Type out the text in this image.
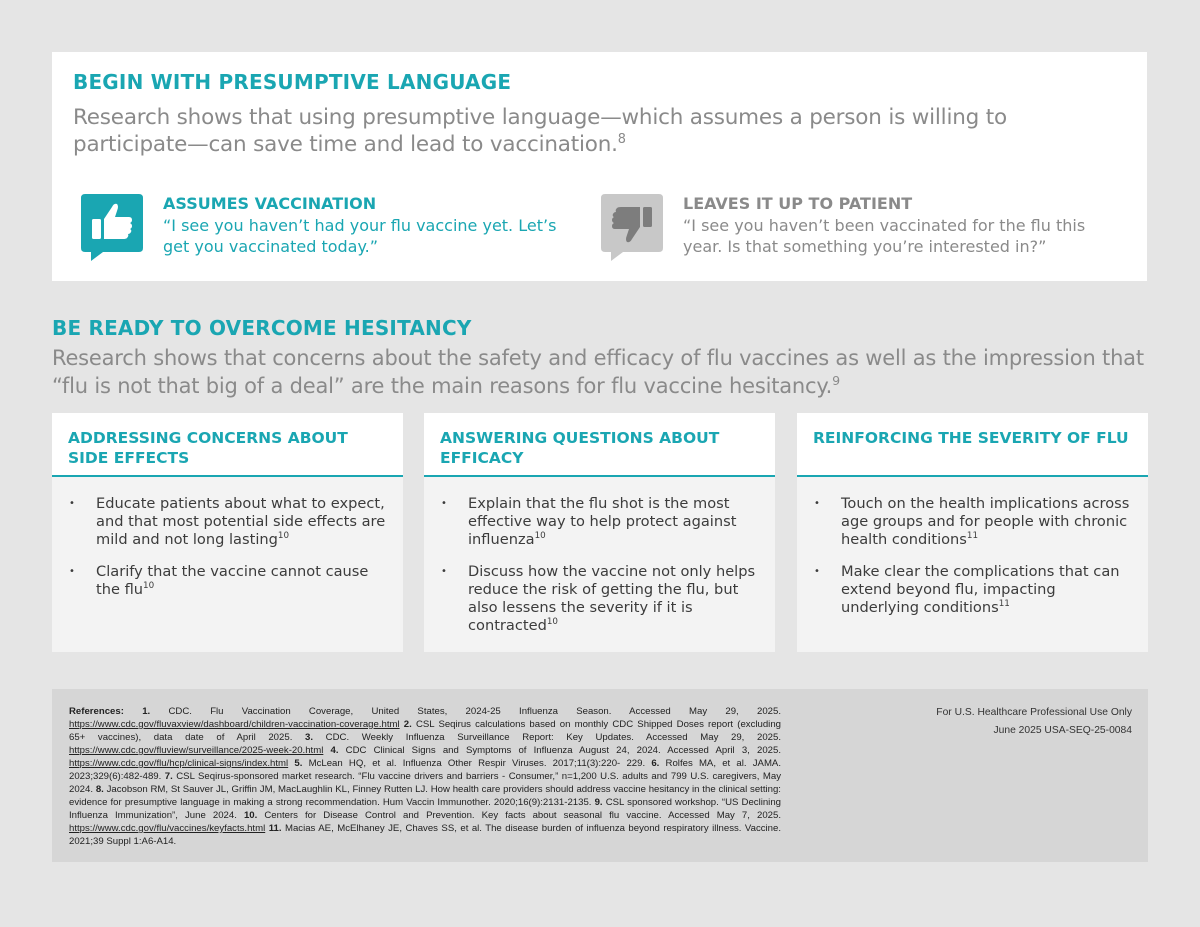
BEGIN WITH PRESUMPTIVE LANGUAGE

Research shows that using presumptive language—which assumes a person is willing to participate—can save time and lead to vaccination.$^8$

ASSUMES VACCINATION

“I see you haven’t had your flu vaccine yet. Let’s get you vaccinated today.”

LEAVES IT UP TO PATIENT

“I see you haven’t been vaccinated for the flu this year. Is that something you’re interested in?”

BE READY TO OVERCOME HESITANCY

Research shows that concerns about the safety and efficacy of flu vaccines as well as the impression that “flu is not that big of a deal” are the main reasons for flu vaccine hesitancy.$^9$

ADDRESSING CONCERNS ABOUT SIDE EFFECTS

• Educate patients about what to expect, and that most potential side effects are mild and not long lasting$^{10}$
• Clarify that the vaccine cannot cause the flu$^{10}$

ANSWERING QUESTIONS ABOUT EFFICACY

• Explain that the flu shot is the most effective way to help protect against influenza$^{10}$
• Discuss how the vaccine not only helps reduce the risk of getting the flu, but also lessens the severity if it is contracted$^{10}$

REINFORCING THE SEVERITY OF FLU

• Touch on the health implications across age groups and for people with chronic health conditions$^{11}$
• Make clear the complications that can extend beyond flu, impacting underlying conditions$^{11}$

References: 1. CDC. Flu Vaccination Coverage, United States, 2024-25 Influenza Season. Accessed May 29, 2025. https://www.cdc.gov/fluvaxview/dashboard/children-vaccination-coverage.html 2. CSL Seqirus calculations based on monthly CDC Shipped Doses report (excluding 65+ vaccines), data date of April 2025. 3. CDC. Weekly Influenza Surveillance Report: Key Updates. Accessed May 29, 2025. https://www.cdc.gov/fluview/surveillance/2025-week-20.html 4. CDC Clinical Signs and Symptoms of Influenza August 24, 2024. Accessed April 3, 2025. https://www.cdc.gov/flu/hcp/clinical-signs/index.html 5. McLean HQ, et al. Influenza Other Respir Viruses. 2017;11(3):220- 229. 6. Rolfes MA, et al. JAMA. 2023;329(6):482-489. 7. CSL Seqirus-sponsored market research. “Flu vaccine drivers and barriers - Consumer,” n=1,200 U.S. adults and 799 U.S. caregivers, May 2024. 8. Jacobson RM, St Sauver JL, Griffin JM, MacLaughlin KL, Finney Rutten LJ. How health care providers should address vaccine hesitancy in the clinical setting: evidence for presumptive language in making a strong recommendation. Hum Vaccin Immunother. 2020;16(9):2131-2135. 9. CSL sponsored workshop. “US Declining Influenza Immunization”, June 2024. 10. Centers for Disease Control and Prevention. Key facts about seasonal flu vaccine. Accessed May 7, 2025. https://www.cdc.gov/flu/vaccines/keyfacts.html 11. Macias AE, McElhaney JE, Chaves SS, et al. The disease burden of influenza beyond respiratory illness. Vaccine. 2021;39 Suppl 1:A6-A14.

For U.S. Healthcare Professional Use Only
June 2025 USA-SEQ-25-0084
